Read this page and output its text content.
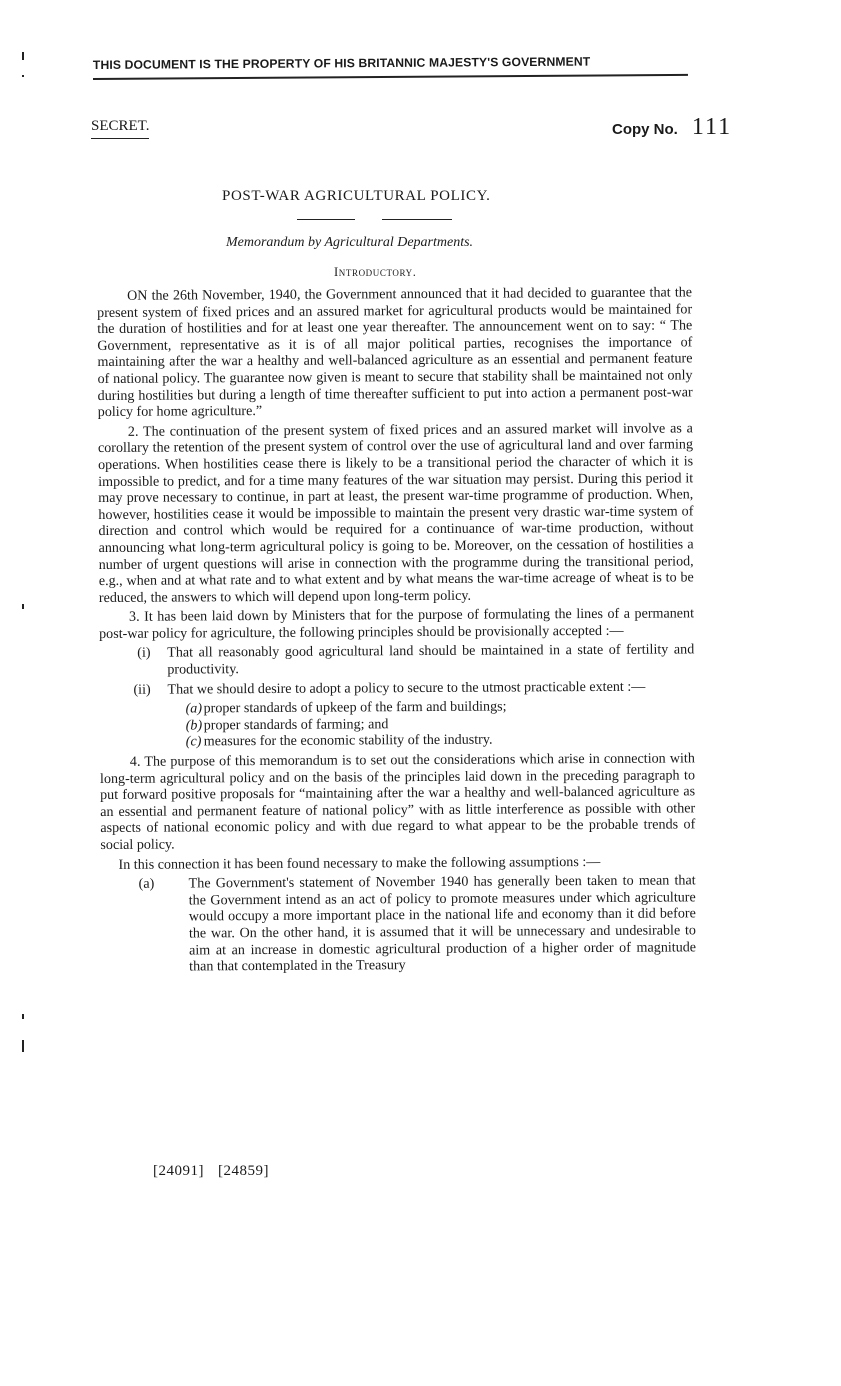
THIS DOCUMENT IS THE PROPERTY OF HIS BRITANNIC MAJESTY'S GOVERNMENT
SECRET.	Copy No. 111
POST-WAR AGRICULTURAL POLICY.
Memorandum by Agricultural Departments.
Introductory.

ON the 26th November, 1940, the Government announced that it had decided to guarantee that the present system of fixed prices and an assured market for agricultural products would be maintained for the duration of hostilities and for at least one year thereafter. The announcement went on to say: “ The Government, representative as it is of all major political parties, recognises the importance of maintaining after the war a healthy and well-balanced agriculture as an essential and permanent feature of national policy. The guarantee now given is meant to secure that stability shall be maintained not only during hostilities but during a length of time thereafter sufficient to put into action a permanent post-war policy for home agriculture.”

2. The continuation of the present system of fixed prices and an assured market will involve as a corollary the retention of the present system of control over the use of agricultural land and over farming operations. When hostilities cease there is likely to be a transitional period the character of which it is impossible to predict, and for a time many features of the war situation may persist. During this period it may prove necessary to continue, in part at least, the present war-time programme of production. When, however, hostilities cease it would be impossible to maintain the present very drastic war-time system of direction and control which would be required for a continuance of war-time production, without announcing what long-term agricultural policy is going to be. Moreover, on the cessation of hostilities a number of urgent questions will arise in connection with the programme during the transitional period, e.g., when and at what rate and to what extent and by what means the war-time acreage of wheat is to be reduced, the answers to which will depend upon long-term policy.

3. It has been laid down by Ministers that for the purpose of formulating the lines of a permanent post-war policy for agriculture, the following principles should be provisionally accepted :—

(i) That all reasonably good agricultural land should be maintained in a state of fertility and productivity.
(ii) That we should desire to adopt a policy to secure to the utmost practicable extent :—
(a) proper standards of upkeep of the farm and buildings;
(b) proper standards of farming; and
(c) measures for the economic stability of the industry.

4. The purpose of this memorandum is to set out the considerations which arise in connection with long-term agricultural policy and on the basis of the principles laid down in the preceding paragraph to put forward positive proposals for “maintaining after the war a healthy and well-balanced agriculture as an essential and permanent feature of national policy” with as little interference as possible with other aspects of national economic policy and with due regard to what appear to be the probable trends of social policy.

In this connection it has been found necessary to make the following assumptions :—

(a) The Government's statement of November 1940 has generally been taken to mean that the Government intend as an act of policy to promote measures under which agriculture would occupy a more important place in the national life and economy than it did before the war. On the other hand, it is assumed that it will be unnecessary and undesirable to aim at an increase in domestic agricultural production of a higher order of magnitude than that contemplated in the Treasury
[24091] [24859]
